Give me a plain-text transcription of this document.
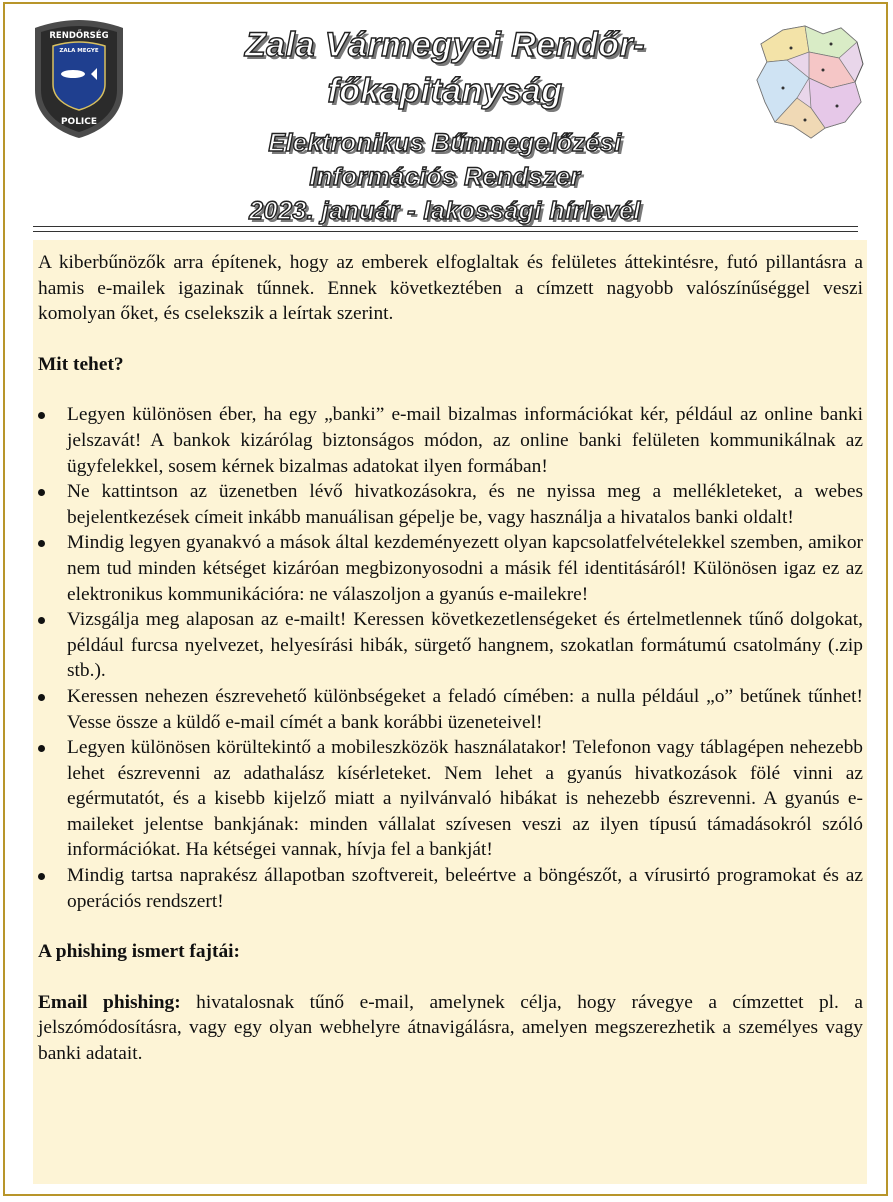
RENDŐRSÉG
ZALA MEGYE
POLICE
Zala Vármegyei Rendőr-
főkapitányság
Elektronikus Bűnmegelőzési
Információs Rendszer
2023. január - lakossági hírlevél

A kiberbűnözők arra építenek, hogy az emberek elfoglaltak és felületes áttekintésre, futó pillantásra a hamis e-mailek igazinak tűnnek. Ennek következtében a címzett nagyobb valószínűséggel veszi komolyan őket, és cselekszik a leírtak szerint.

Mit tehet?

Legyen különösen éber, ha egy „banki” e-mail bizalmas információkat kér, például az online banki jelszavát! A bankok kizárólag biztonságos módon, az online banki felületen kommunikálnak az ügyfelekkel, sosem kérnek bizalmas adatokat ilyen formában!
Ne kattintson az üzenetben lévő hivatkozásokra, és ne nyissa meg a mellékleteket, a webes bejelentkezések címeit inkább manuálisan gépelje be, vagy használja a hivatalos banki oldalt!
Mindig legyen gyanakvó a mások által kezdeményezett olyan kapcsolatfelvételekkel szemben, amikor nem tud minden kétséget kizáróan megbizonyosodni a másik fél identitásáról! Különösen igaz ez az elektronikus kommunikációra: ne válaszoljon a gyanús e-mailekre!
Vizsgálja meg alaposan az e-mailt! Keressen következetlenségeket és értelmetlennek tűnő dolgokat, például furcsa nyelvezet, helyesírási hibák, sürgető hangnem, szokatlan formátumú csatolmány (.zip stb.).
Keressen nehezen észrevehető különbségeket a feladó címében: a nulla például „o” betűnek tűnhet! Vesse össze a küldő e-mail címét a bank korábbi üzeneteivel!
Legyen különösen körültekintő a mobileszközök használatakor! Telefonon vagy táblagépen nehezebb lehet észrevenni az adathalász kísérleteket. Nem lehet a gyanús hivatkozások fölé vinni az egérmutatót, és a kisebb kijelző miatt a nyilvánvaló hibákat is nehezebb észrevenni. A gyanús e-maileket jelentse bankjának: minden vállalat szívesen veszi az ilyen típusú támadásokról szóló információkat. Ha kétségei vannak, hívja fel a bankját!
Mindig tartsa naprakész állapotban szoftvereit, beleértve a böngészőt, a vírusirtó programokat és az operációs rendszert!

A phishing ismert fajtái:

Email phishing: hivatalosnak tűnő e-mail, amelynek célja, hogy rávegye a címzettet pl. a jelszómódosításra, vagy egy olyan webhelyre átnavigálásra, amelyen megszerezhetik a személyes vagy banki adatait.
